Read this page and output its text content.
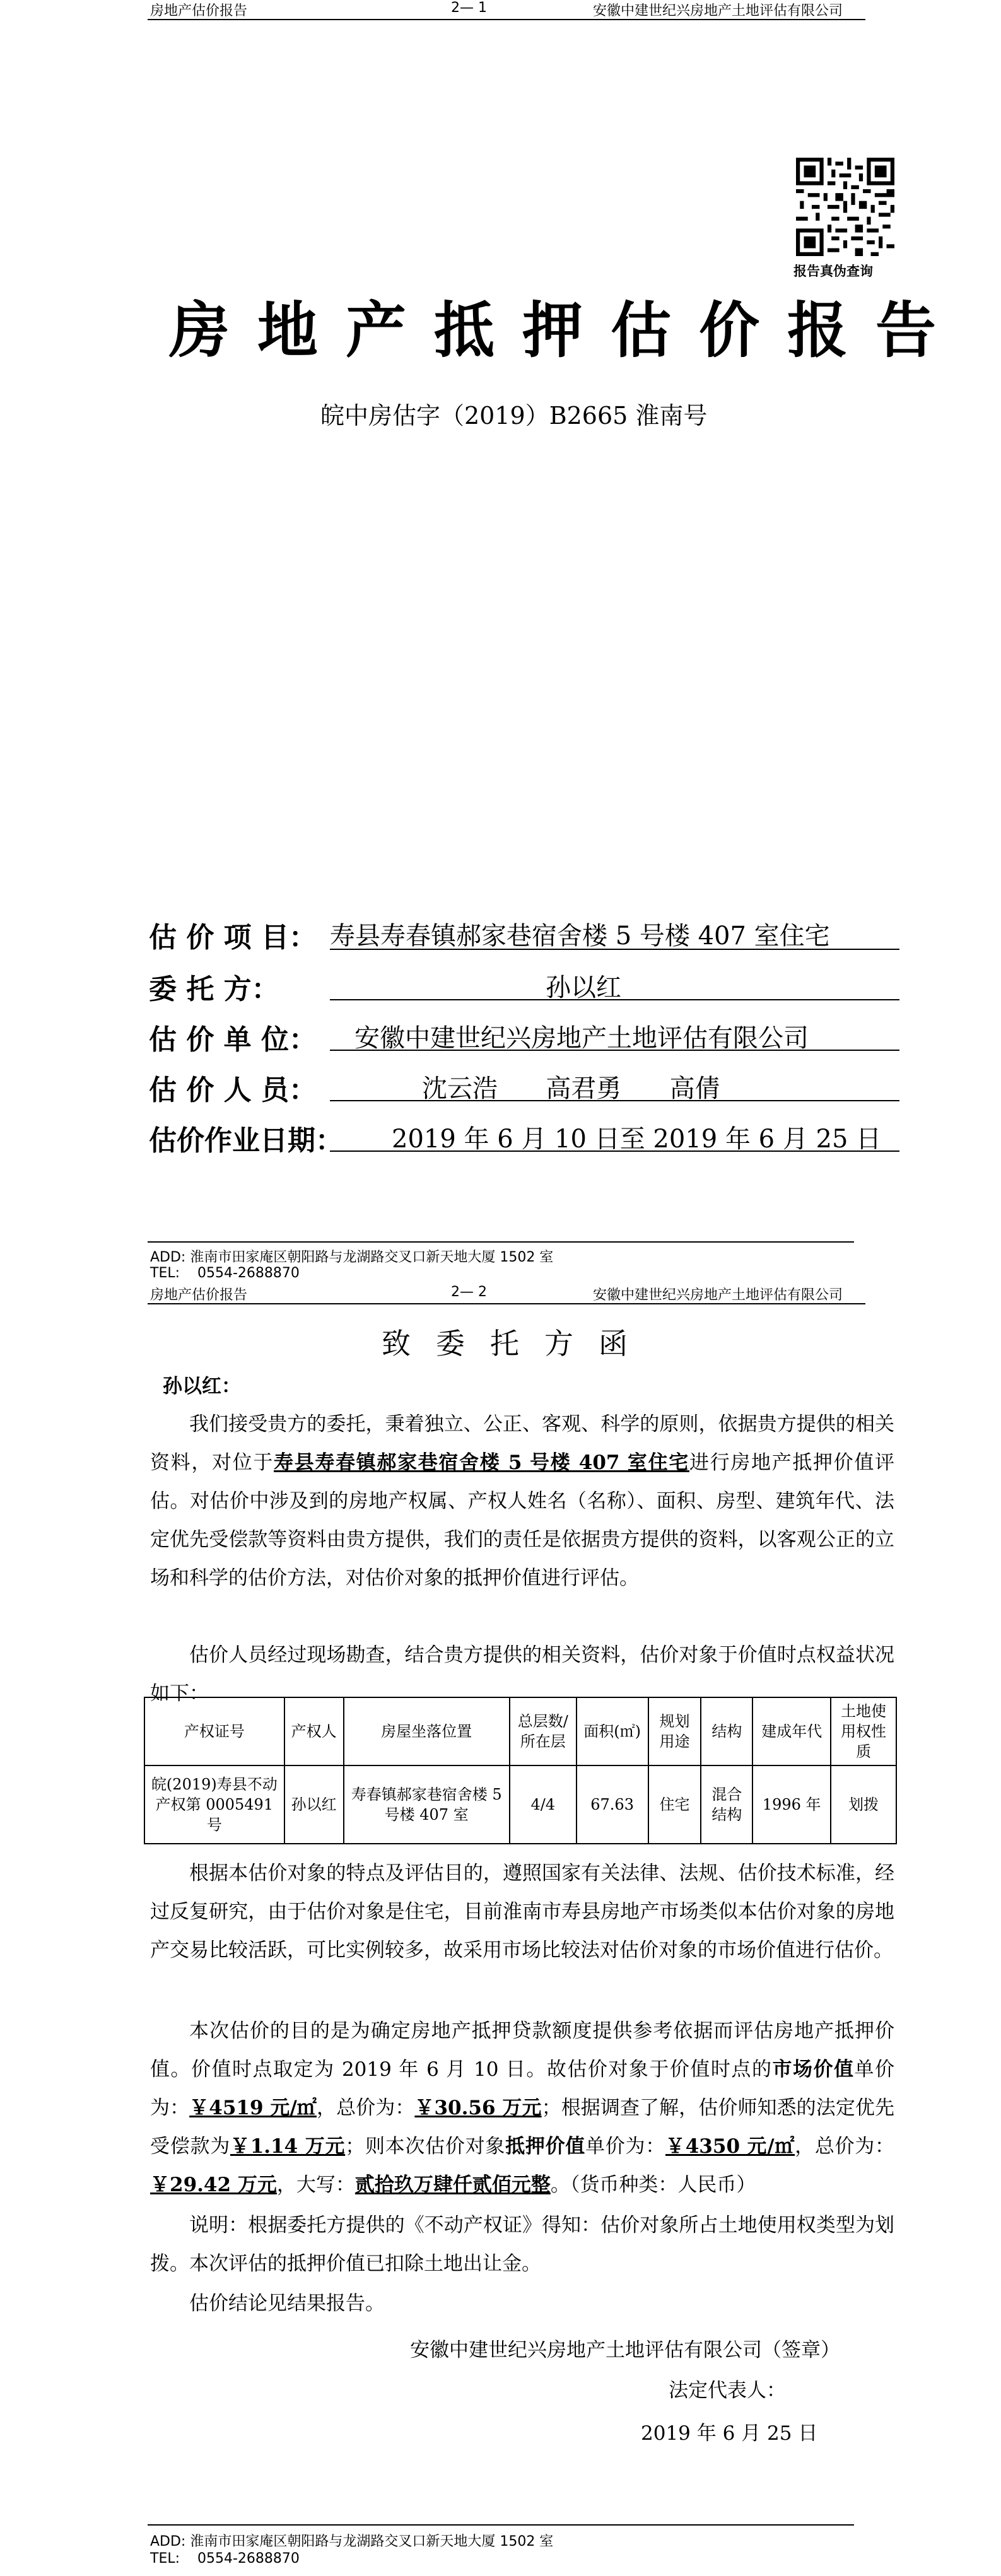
房地产估价报告	2— 1	安徽中建世纪兴房地产土地评估有限公司
报告真伪查询
房地产抵押估价报告
皖中房估字（2019）B2665 淮南号
估 价 项 目： 寿县寿春镇郝家巷宿舍楼 5 号楼 407 室住宅
委 托 方：	孙以红
估 价 单 位： 安徽中建世纪兴房地产土地评估有限公司
估 价 人 员：	沈云浩      高君勇      高倩
估价作业日期： 2019 年 6 月 10 日至 2019 年 6 月 25 日
ADD: 淮南市田家庵区朝阳路与龙湖路交叉口新天地大厦 1502 室
TEL:    0554-2688870
房地产估价报告	2— 2	安徽中建世纪兴房地产土地评估有限公司
致委托方函
孙以红：
我们接受贵方的委托，秉着独立、公正、客观、科学的原则，依据贵方提供的相关资料，对位于寿县寿春镇郝家巷宿舍楼 5 号楼 407 室住宅进行房地产抵押价值评估。对估价中涉及到的房地产权属、产权人姓名（名称）、面积、房型、建筑年代、法定优先受偿款等资料由贵方提供，我们的责任是依据贵方提供的资料，以客观公正的立场和科学的估价方法，对估价对象的抵押价值进行评估。
估价人员经过现场勘查，结合贵方提供的相关资料，估价对象于价值时点权益状况如下：
产权证号	产权人	房屋坐落位置	总层数/所在层	面积(㎡)	规划用途	结构	建成年代	土地使用权性质
皖(2019)寿县不动产权第 0005491 号	孙以红	寿春镇郝家巷宿舍楼 5 号楼 407 室	4/4	67.63	住宅	混合结构	1996 年	划拨
根据本估价对象的特点及评估目的，遵照国家有关法律、法规、估价技术标准，经过反复研究，由于估价对象是住宅，目前淮南市寿县房地产市场类似本估价对象的房地产交易比较活跃，可比实例较多，故采用市场比较法对估价对象的市场价值进行估价。
本次估价的目的是为确定房地产抵押贷款额度提供参考依据而评估房地产抵押价值。价值时点取定为 2019 年 6 月 10 日。故估价对象于价值时点的市场价值单价为：￥4519 元/㎡，总价为：￥30.56 万元；根据调查了解，估价师知悉的法定优先受偿款为￥1.14 万元；则本次估价对象抵押价值单价为：￥4350 元/㎡，总价为：￥29.42 万元，大写：贰拾玖万肆仟贰佰元整。（货币种类：人民币）
说明：根据委托方提供的《不动产权证》得知：估价对象所占土地使用权类型为划拨。本次评估的抵押价值已扣除土地出让金。
估价结论见结果报告。
安徽中建世纪兴房地产土地评估有限公司（签章）
法定代表人：
2019 年 6 月 25 日
ADD: 淮南市田家庵区朝阳路与龙湖路交叉口新天地大厦 1502 室
TEL:    0554-2688870
